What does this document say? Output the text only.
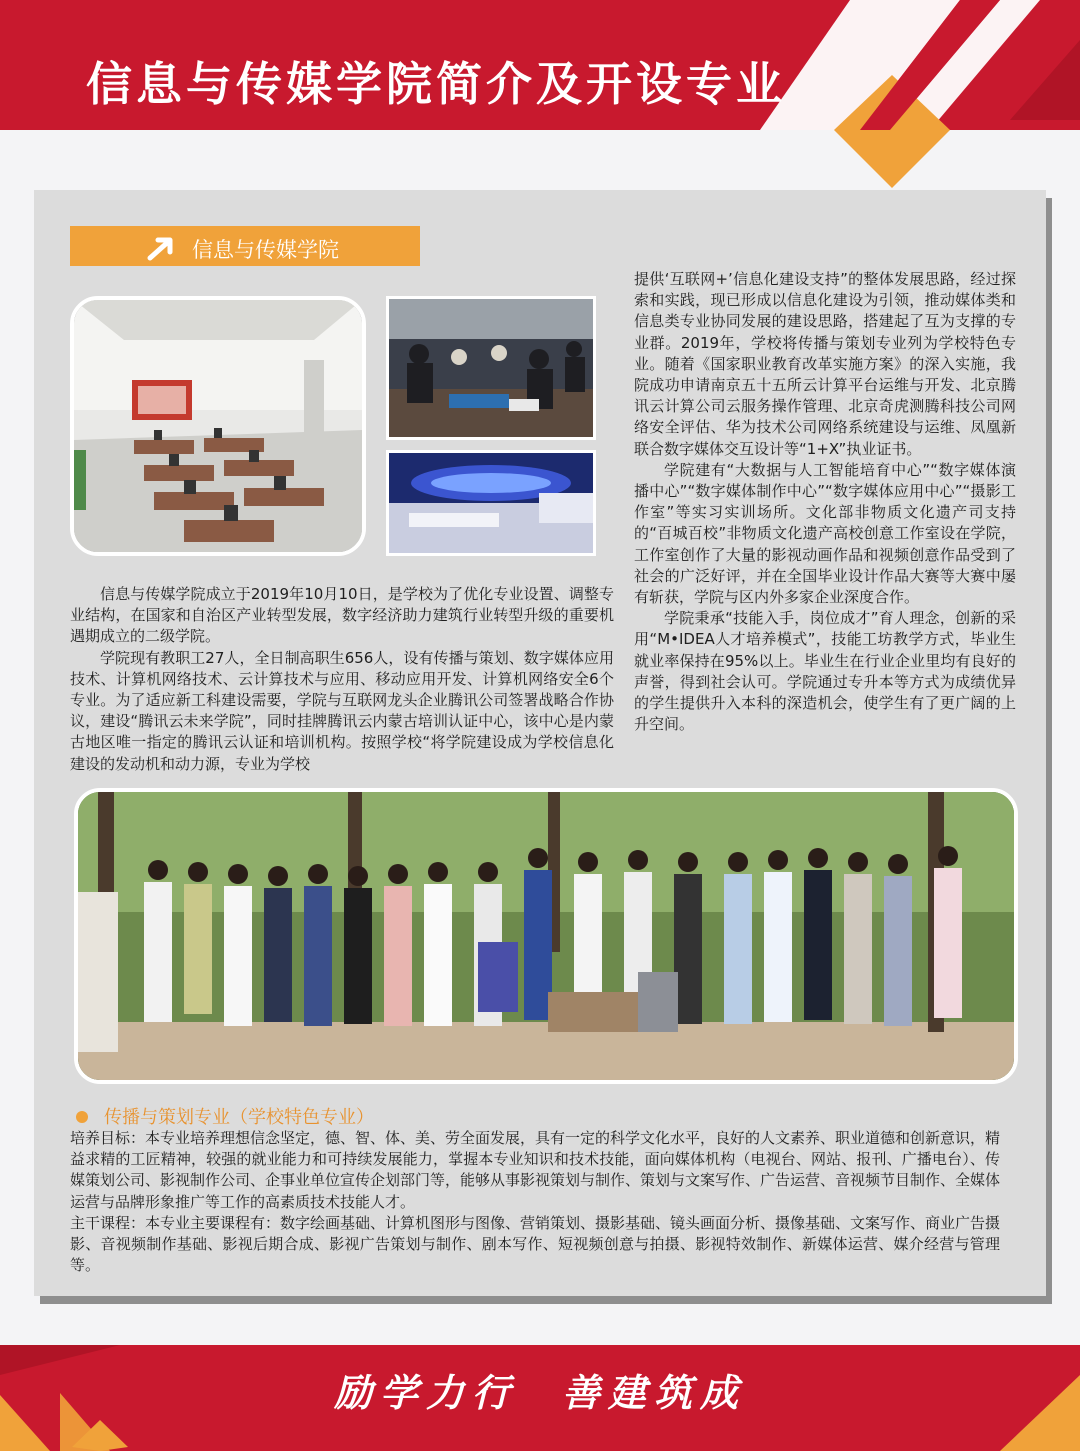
信息与传媒学院简介及开设专业
信息与传媒学院

信息与传媒学院成立于2019年10月10日，是学校为了优化专业设置、调整专业结构，在国家和自治区产业转型发展，数字经济助力建筑行业转型升级的重要机遇期成立的二级学院。

学院现有教职工27人，全日制高职生656人，设有传播与策划、数字媒体应用技术、计算机网络技术、云计算技术与应用、移动应用开发、计算机网络安全6个专业。为了适应新工科建设需要，学院与互联网龙头企业腾讯公司签署战略合作协议，建设“腾讯云未来学院”，同时挂牌腾讯云内蒙古培训认证中心，该中心是内蒙古地区唯一指定的腾讯云认证和培训机构。按照学校“将学院建设成为学校信息化建设的发动机和动力源，专业为学校

提供‘互联网+’信息化建设支持”的整体发展思路，经过探索和实践，现已形成以信息化建设为引领，推动媒体类和信息类专业协同发展的建设思路，搭建起了互为支撑的专业群。2019年，学校将传播与策划专业列为学校特色专业。随着《国家职业教育改革实施方案》的深入实施，我院成功申请南京五十五所云计算平台运维与开发、北京腾讯云计算公司云服务操作管理、北京奇虎测腾科技公司网络安全评估、华为技术公司网络系统建设与运维、凤凰新联合数字媒体交互设计等“1+X”执业证书。

学院建有“大数据与人工智能培育中心”“数字媒体演播中心”“数字媒体制作中心”“数字媒体应用中心”“摄影工作室”等实习实训场所。文化部非物质文化遗产司支持的“百城百校”非物质文化遗产高校创意工作室设在学院，工作室创作了大量的影视动画作品和视频创意作品受到了社会的广泛好评，并在全国毕业设计作品大赛等大赛中屡有斩获，学院与区内外多家企业深度合作。

学院秉承“技能入手，岗位成才”育人理念，创新的采用“M•IDEA人才培养模式”，技能工坊教学方式，毕业生就业率保持在95%以上。毕业生在行业企业里均有良好的声誉，得到社会认可。学院通过专升本等方式为成绩优异的学生提供升入本科的深造机会，使学生有了更广阔的上升空间。

传播与策划专业（学校特色专业）

培养目标：本专业培养理想信念坚定，德、智、体、美、劳全面发展，具有一定的科学文化水平，良好的人文素养、职业道德和创新意识，精益求精的工匠精神，较强的就业能力和可持续发展能力，掌握本专业知识和技术技能，面向媒体机构（电视台、网站、报刊、广播电台）、传媒策划公司、影视制作公司、企事业单位宣传企划部门等，能够从事影视策划与制作、策划与文案写作、广告运营、音视频节目制作、全媒体运营与品牌形象推广等工作的高素质技术技能人才。

主干课程：本专业主要课程有：数字绘画基础、计算机图形与图像、营销策划、摄影基础、镜头画面分析、摄像基础、文案写作、商业广告摄影、音视频制作基础、影视后期合成、影视广告策划与制作、剧本写作、短视频创意与拍摄、影视特效制作、新媒体运营、媒介经营与管理等。

励学力行 善建筑成
